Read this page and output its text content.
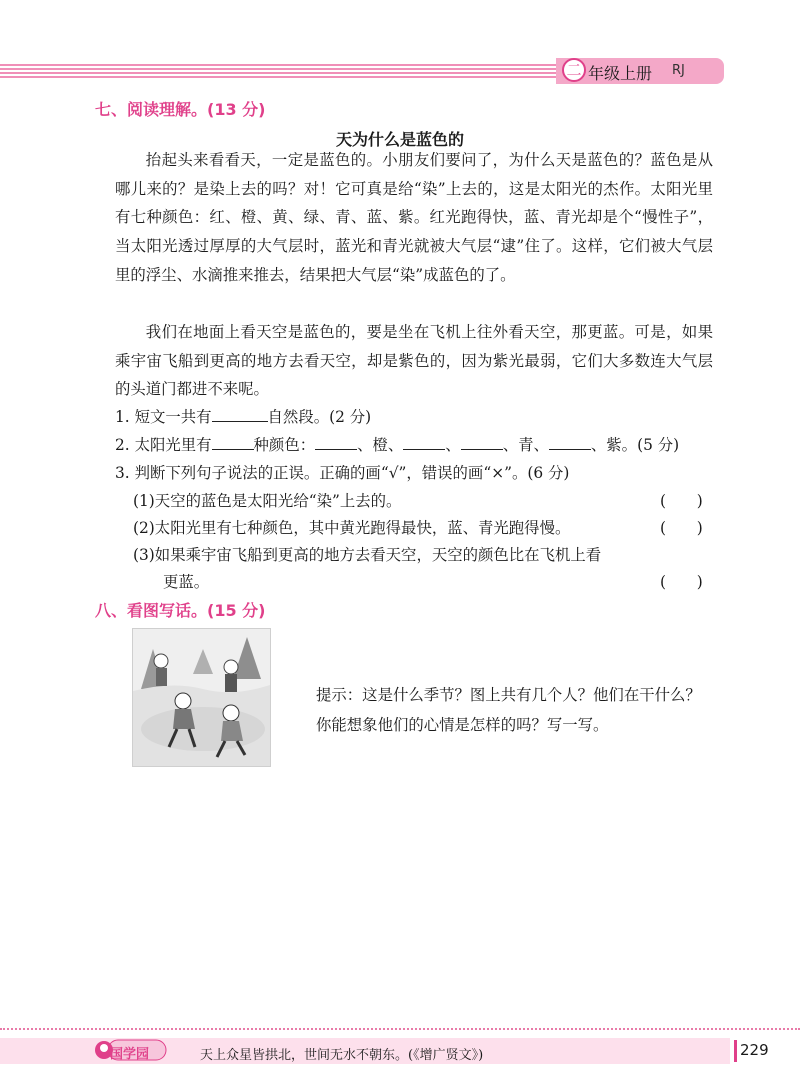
二 年级上册 RJ
七、阅读理解。(13 分)
天为什么是蓝色的

抬起头来看看天，一定是蓝色的。小朋友们要问了，为什么天是蓝色的？蓝色是从哪儿来的？是染上去的吗？对！它可真是给“染”上去的，这是太阳光的杰作。太阳光里有七种颜色：红、橙、黄、绿、青、蓝、紫。红光跑得快，蓝、青光却是个“慢性子”，当太阳光透过厚厚的大气层时，蓝光和青光就被大气层“逮”住了。这样，它们被大气层里的浮尘、水滴推来推去，结果把大气层“染”成蓝色的了。

我们在地面上看天空是蓝色的，要是坐在飞机上往外看天空，那更蓝。可是，如果乘宇宙飞船到更高的地方去看天空，却是紫色的，因为紫光最弱，它们大多数连大气层的头道门都进不来呢。

1. 短文一共有	自然段。(2 分)
2. 太阳光里有	种颜色：	、橙、	、	、青、	、紫。(5 分)
3. 判断下列句子说法的正误。正确的画“√”，错误的画“×”。(6 分)
(1)天空的蓝色是太阳光给“染”上去的。	(　　)
(2)太阳光里有七种颜色，其中黄光跑得最快，蓝、青光跑得慢。	(　　)
(3)如果乘宇宙飞船到更高的地方去看天空，天空的颜色比在飞机上看
更蓝。	(　　)
八、看图写话。(15 分)

提示：这是什么季节？图上共有几个人？他们在干什么？你能想象他们的心情是怎样的吗？写一写。

国学园	天上众星皆拱北，世间无水不朝东。(《增广贤文》)	229
